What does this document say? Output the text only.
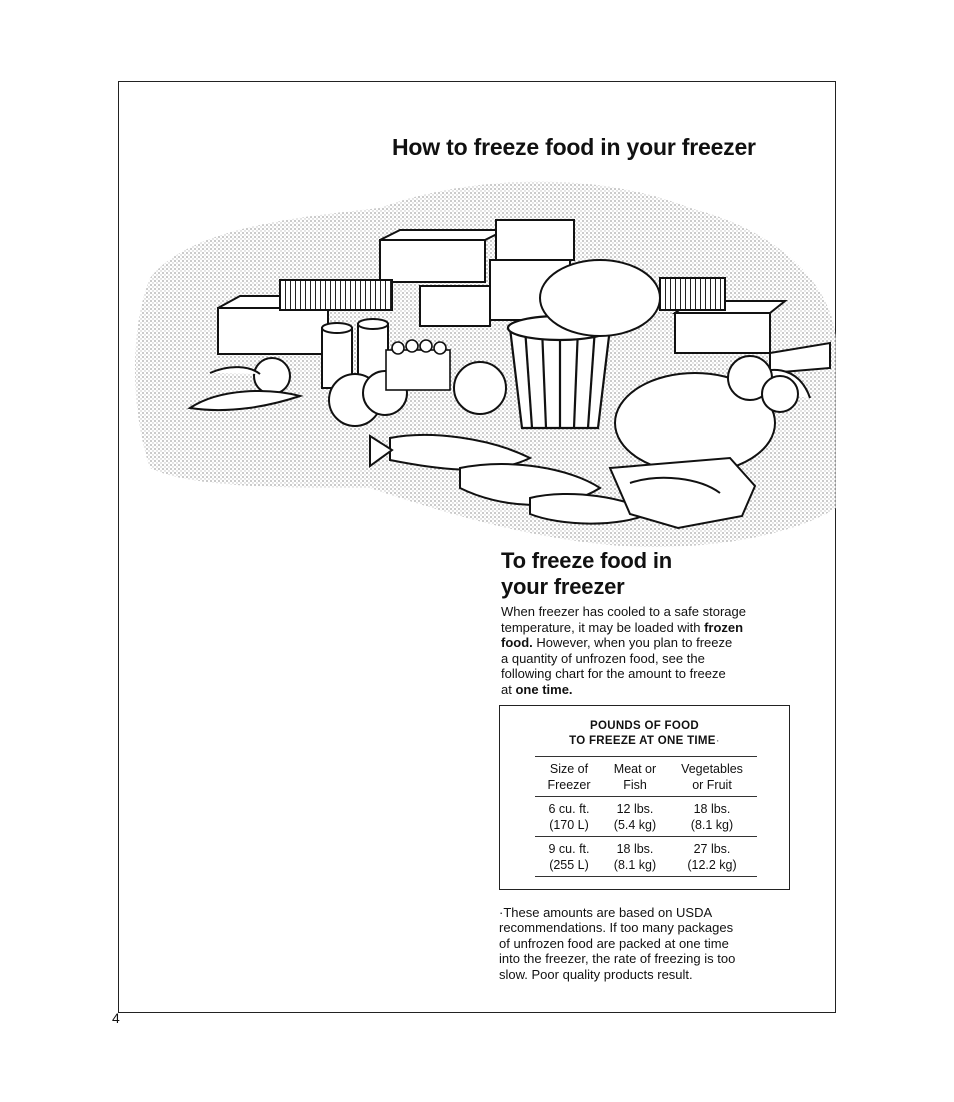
How to freeze food in your freezer
To freeze food in
your freezer

When freezer has cooled to a safe storage
temperature, it may be loaded with frozen
food. However, when you plan to freeze
a quantity of unfrozen food, see the
following chart for the amount to freeze
at one time.

POUNDS OF FOOD
TO FREEZE AT ONE TIME·
Size of
Freezer
Meat or
Fish
Vegetables
or Fruit
6 cu. ft.
(170 L)
12 lbs.
(5.4 kg)
18 lbs.
(8.1 kg)
9 cu. ft.
(255 L)
18 lbs.
(8.1 kg)
27 lbs.
(12.2 kg)

·These amounts are based on USDA
recommendations. If too many packages
of unfrozen food are packed at one time
into the freezer, the rate of freezing is too
slow. Poor quality products result.

4
